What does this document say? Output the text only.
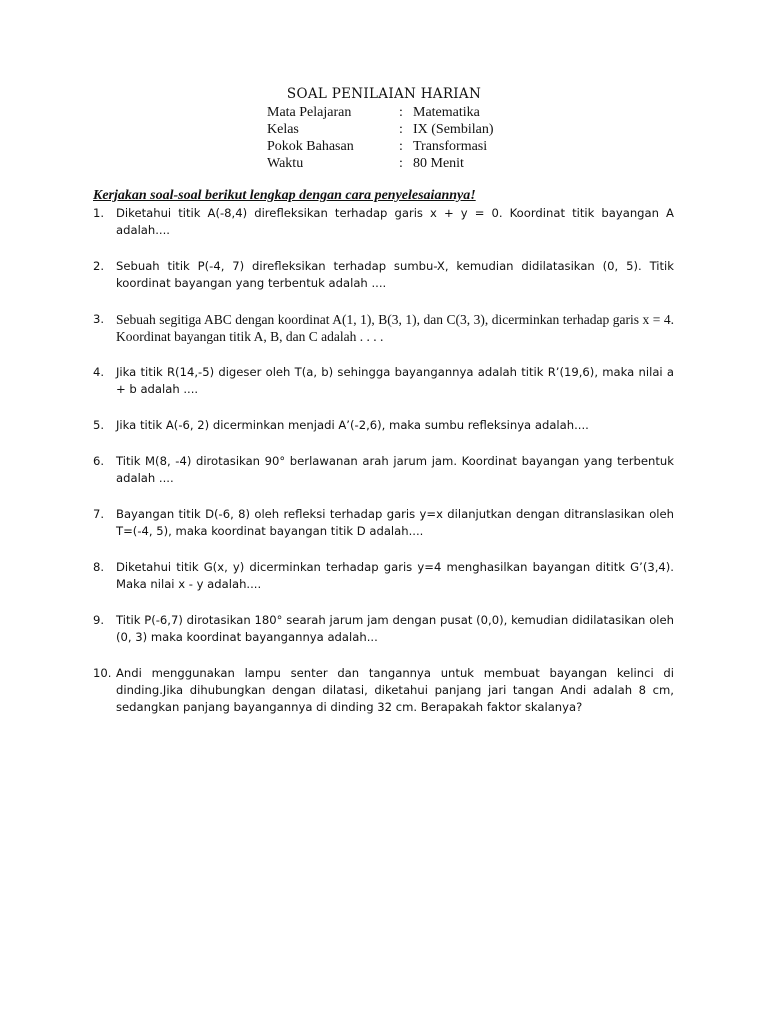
SOAL PENILAIAN HARIAN
Mata Pelajaran	: Matematika
Kelas	: IX (Sembilan)
Pokok Bahasan	: Transformasi
Waktu	: 80 Menit
Kerjakan soal-soal berikut lengkap dengan cara penyelesaiannya!
1. Diketahui titik A(-8,4) direfleksikan terhadap garis x + y = 0. Koordinat titik bayangan A adalah....
2. Sebuah titik P(-4, 7) direfleksikan terhadap sumbu-X, kemudian didilatasikan (0, 5). Titik koordinat bayangan yang terbentuk adalah ....
3. Sebuah segitiga ABC dengan koordinat A(1, 1), B(3, 1), dan C(3, 3), dicerminkan terhadap garis x = 4. Koordinat bayangan titik A, B, dan C adalah . . . .
4. Jika titik R(14,-5) digeser oleh T(a, b) sehingga bayangannya adalah titik R’(19,6), maka nilai a + b adalah ....
5. Jika titik A(-6, 2) dicerminkan menjadi A’(-2,6), maka sumbu refleksinya adalah....
6. Titik M(8, -4) dirotasikan 90° berlawanan arah jarum jam. Koordinat bayangan yang terbentuk adalah ....
7. Bayangan titik D(-6, 8) oleh refleksi terhadap garis y=x dilanjutkan dengan ditranslasikan oleh T=(-4, 5), maka koordinat bayangan titik D adalah....
8. Diketahui titik G(x, y) dicerminkan terhadap garis y=4 menghasilkan bayangan dititk G’(3,4). Maka nilai x - y adalah....
9. Titik P(-6,7) dirotasikan 180° searah jarum jam dengan pusat (0,0), kemudian didilatasikan oleh (0, 3) maka koordinat bayangannya adalah...
10. Andi menggunakan lampu senter dan tangannya untuk membuat bayangan kelinci di dinding.Jika dihubungkan dengan dilatasi, diketahui panjang jari tangan Andi adalah 8 cm, sedangkan panjang bayangannya di dinding 32 cm. Berapakah faktor skalanya?
